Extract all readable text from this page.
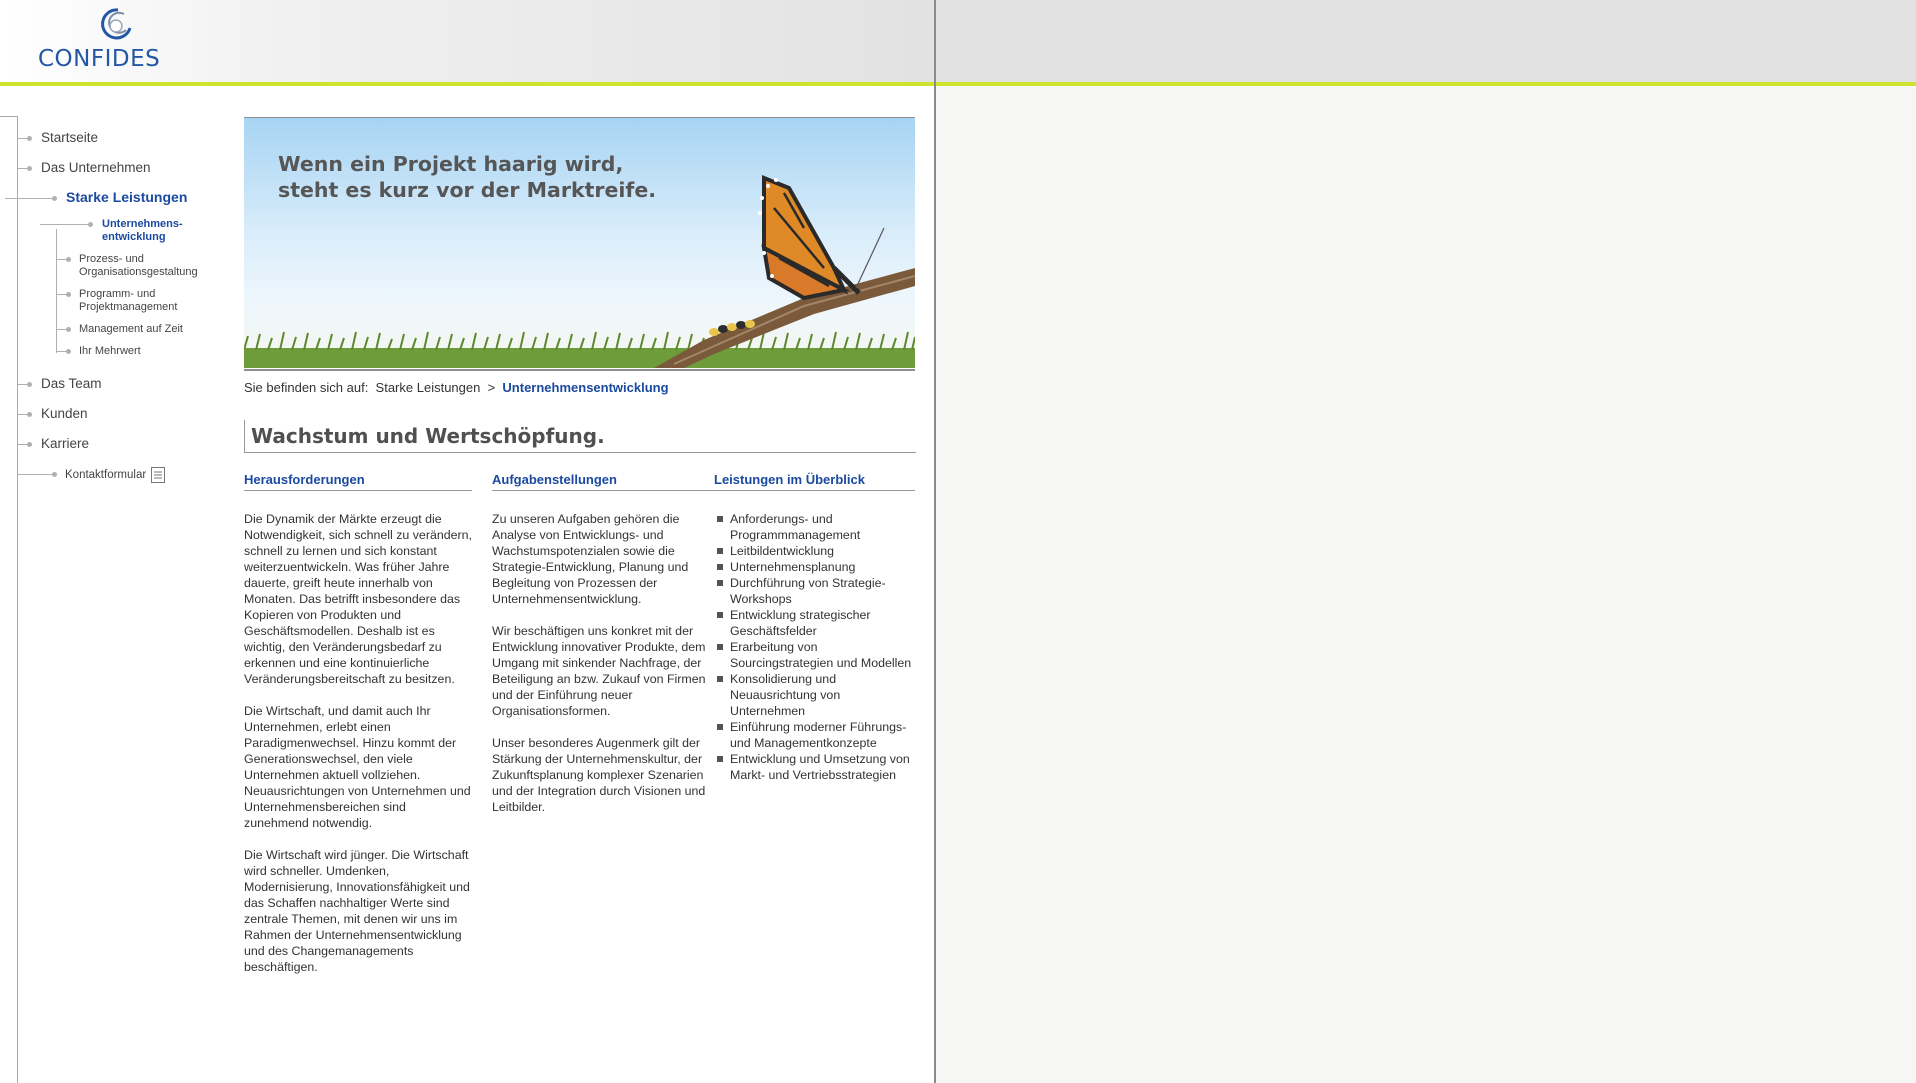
CONFIDES
Startseite
Das Unternehmen
Starke Leistungen
Unternehmens-
entwicklung
Prozess- und
Organisationsgestaltung
Programm- und
Projektmanagement
Management auf Zeit
Ihr Mehrwert
Das Team
Kunden
Karriere
Kontaktformular
Wenn ein Projekt haarig wird,
steht es kurz vor der Marktreife.
Sie befinden sich auf: Starke Leistungen > Unternehmensentwicklung
Wachstum und Wertschöpfung.
Herausforderungen

Die Dynamik der Märkte erzeugt die Notwendigkeit, sich schnell zu verändern, schnell zu lernen und sich konstant weiterzuentwickeln. Was früher Jahre dauerte, greift heute innerhalb von Monaten. Das betrifft insbesondere das Kopieren von Produkten und Geschäftsmodellen. Deshalb ist es wichtig, den Veränderungsbedarf zu erkennen und eine kontinuierliche Veränderungsbereitschaft zu besitzen.

Die Wirtschaft, und damit auch Ihr Unternehmen, erlebt einen Paradigmenwechsel. Hinzu kommt der Generationswechsel, den viele Unternehmen aktuell vollziehen. Neuausrichtungen von Unternehmen und Unternehmensbereichen sind zunehmend notwendig.

Die Wirtschaft wird jünger. Die Wirtschaft wird schneller. Umdenken, Modernisierung, Innovationsfähigkeit und das Schaffen nachhaltiger Werte sind zentrale Themen, mit denen wir uns im Rahmen der Unternehmensentwicklung und des Changemanagements beschäftigen.

Aufgabenstellungen

Zu unseren Aufgaben gehören die Analyse von Entwicklungs- und Wachstumspotenzialen sowie die Strategie-Entwicklung, Planung und Begleitung von Prozessen der Unternehmensentwicklung.

Wir beschäftigen uns konkret mit der Entwicklung innovativer Produkte, dem Umgang mit sinkender Nachfrage, der Beteiligung an bzw. Zukauf von Firmen und der Einführung neuer Organisationsformen.

Unser besonderes Augenmerk gilt der Stärkung der Unternehmenskultur, der Zukunftsplanung komplexer Szenarien und der Integration durch Visionen und Leitbilder.

Leistungen im Überblick
Anforderungs- und Programmmanagement
Leitbildentwicklung
Unternehmensplanung
Durchführung von Strategie-Workshops
Entwicklung strategischer Geschäftsfelder
Erarbeitung von Sourcingstrategien und Modellen
Konsolidierung und Neuausrichtung von Unternehmen
Einführung moderner Führungs- und Managementkonzepte
Entwicklung und Umsetzung von Markt- und Vertriebsstrategien
